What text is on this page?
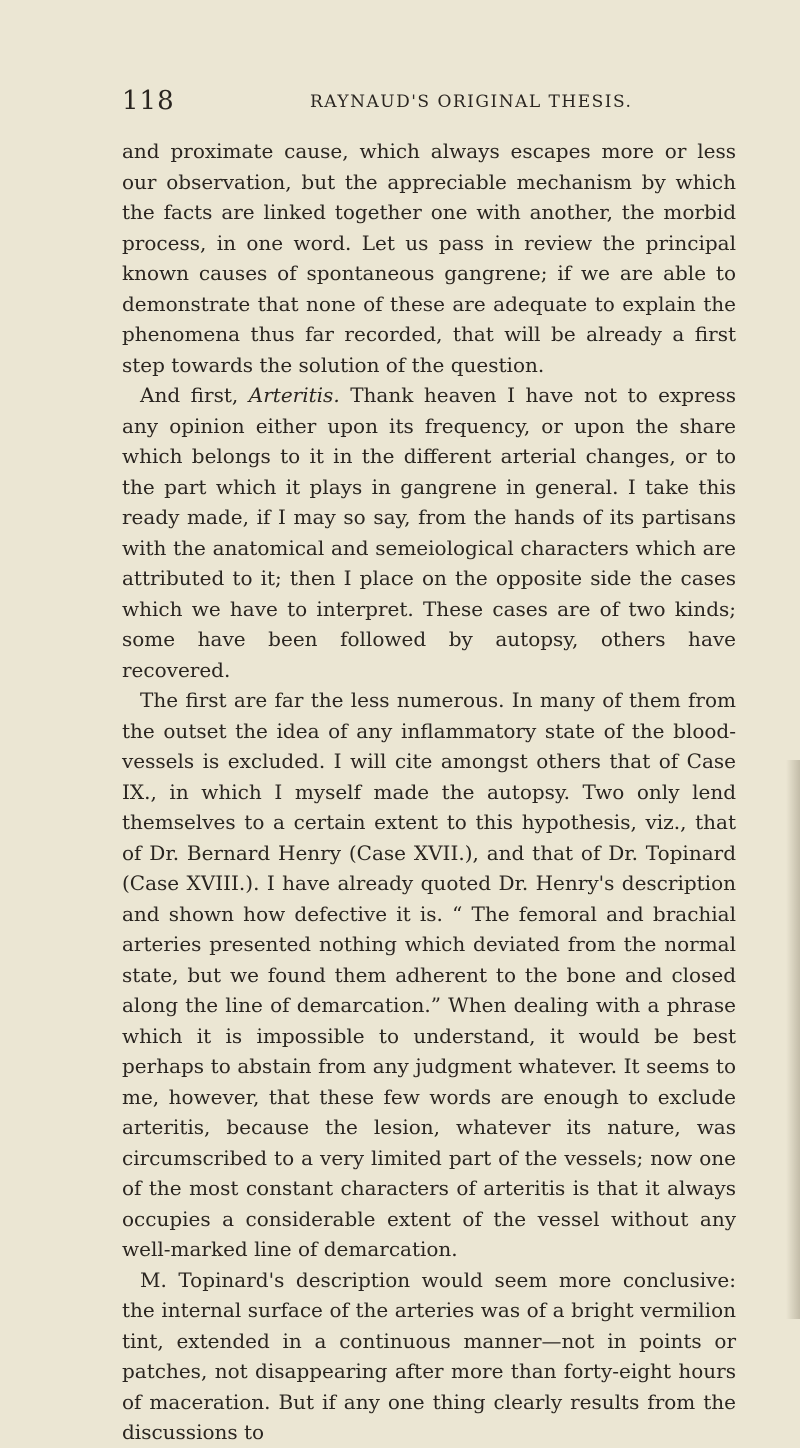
118	RAYNAUD'S ORIGINAL THESIS.

and proximate cause, which always escapes more or less our observation, but the appreciable mechanism by which the facts are linked together one with another, the morbid process, in one word. Let us pass in review the principal known causes of spontaneous gangrene; if we are able to demonstrate that none of these are adequate to explain the phenomena thus far recorded, that will be already a first step towards the solution of the question.

And first, Arteritis. Thank heaven I have not to express any opinion either upon its frequency, or upon the share which belongs to it in the different arterial changes, or to the part which it plays in gangrene in general. I take this ready made, if I may so say, from the hands of its partisans with the anatomical and semeiological characters which are attributed to it; then I place on the opposite side the cases which we have to interpret. These cases are of two kinds; some have been followed by autopsy, others have recovered.

The first are far the less numerous. In many of them from the outset the idea of any inflammatory state of the blood-vessels is excluded. I will cite amongst others that of Case IX., in which I myself made the autopsy. Two only lend themselves to a certain extent to this hypothesis, viz., that of Dr. Bernard Henry (Case XVII.), and that of Dr. Topinard (Case XVIII.). I have already quoted Dr. Henry's description and shown how defective it is. “ The femoral and brachial arteries presented nothing which deviated from the normal state, but we found them adherent to the bone and closed along the line of demarcation.” When dealing with a phrase which it is impossible to understand, it would be best perhaps to abstain from any judgment whatever. It seems to me, however, that these few words are enough to exclude arteritis, because the lesion, whatever its nature, was circumscribed to a very limited part of the vessels; now one of the most constant characters of arteritis is that it always occupies a considerable extent of the vessel without any well-marked line of demarcation.

M. Topinard's description would seem more conclusive: the internal surface of the arteries was of a bright vermilion tint, extended in a continuous manner—not in points or patches, not disappearing after more than forty-eight hours of maceration. But if any one thing clearly results from the discussions to
